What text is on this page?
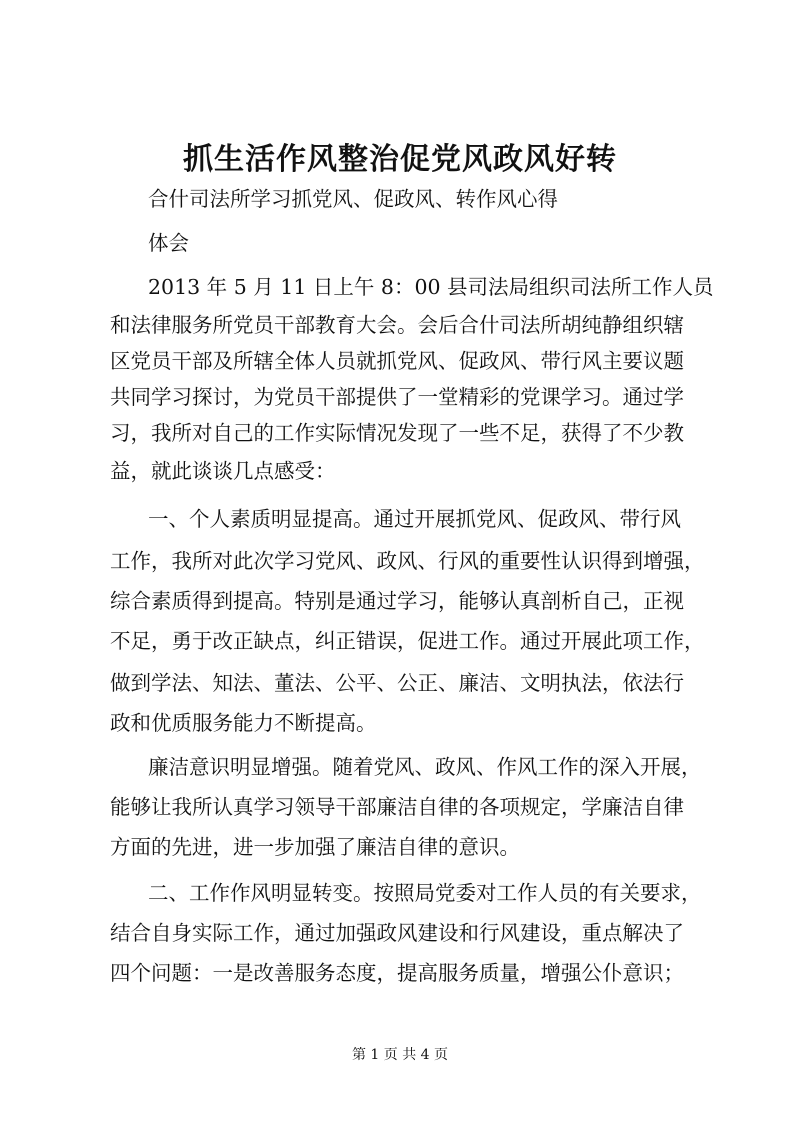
抓生活作风整治促党风政风好转
合什司法所学习抓党风、促政风、转作风心得
体会
2013 年 5 月 11 日上午 8：00 县司法局组织司法所工作人员
和法律服务所党员干部教育大会。会后合什司法所胡纯静组织辖
区党员干部及所辖全体人员就抓党风、促政风、带行风主要议题
共同学习探讨，为党员干部提供了一堂精彩的党课学习。通过学
习，我所对自己的工作实际情况发现了一些不足，获得了不少教
益，就此谈谈几点感受：
一、个人素质明显提高。通过开展抓党风、促政风、带行风
工作，我所对此次学习党风、政风、行风的重要性认识得到增强，
综合素质得到提高。特别是通过学习，能够认真剖析自己，正视
不足，勇于改正缺点，纠正错误，促进工作。通过开展此项工作，
做到学法、知法、董法、公平、公正、廉洁、文明执法，依法行
政和优质服务能力不断提高。
廉洁意识明显增强。随着党风、政风、作风工作的深入开展，
能够让我所认真学习领导干部廉洁自律的各项规定，学廉洁自律
方面的先进，进一步加强了廉洁自律的意识。
二、工作作风明显转变。按照局党委对工作人员的有关要求，
结合自身实际工作，通过加强政风建设和行风建设，重点解决了
四个问题：一是改善服务态度，提高服务质量，增强公仆意识；
第 1 页 共 4 页
